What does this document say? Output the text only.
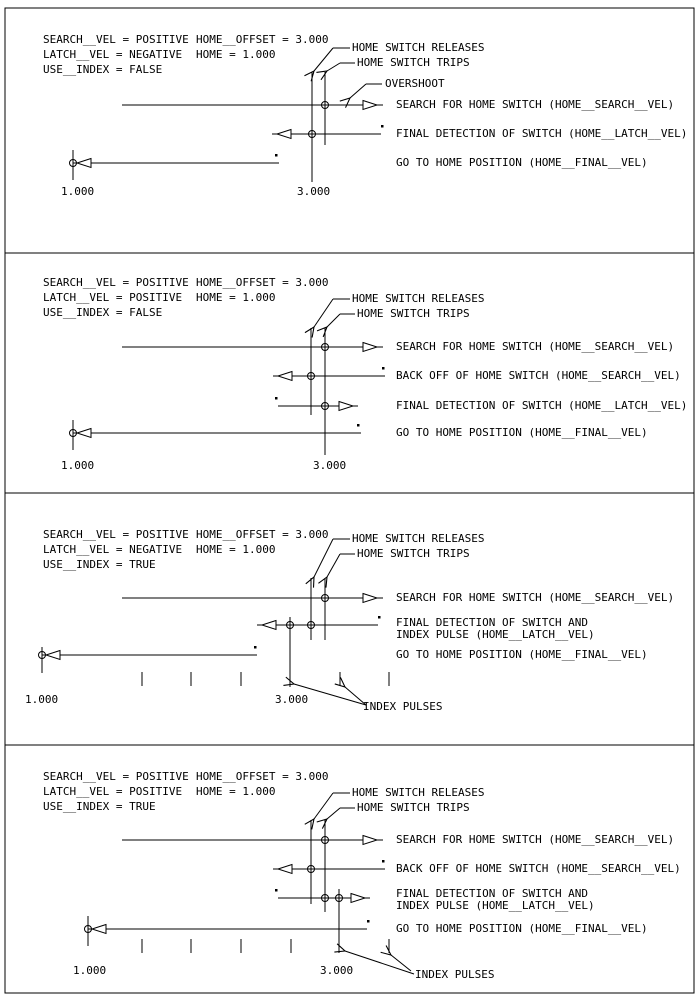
SEARCH__VEL = POSITIVE
LATCH__VEL = NEGATIVE
USE__INDEX = FALSE
HOME__OFFSET = 3.000
HOME = 1.000
HOME SWITCH RELEASES
HOME SWITCH TRIPS
OVERSHOOT
SEARCH FOR HOME SWITCH (HOME__SEARCH__VEL)
FINAL DETECTION OF SWITCH (HOME__LATCH__VEL)
GO TO HOME POSITION (HOME__FINAL__VEL)
1.000	3.000
SEARCH__VEL = POSITIVE
LATCH__VEL = POSITIVE
USE__INDEX = FALSE
HOME__OFFSET = 3.000
HOME = 1.000	HOME SWITCH RELEASES
HOME SWITCH TRIPS
SEARCH FOR HOME SWITCH (HOME__SEARCH__VEL)
BACK OFF OF HOME SWITCH (HOME__SEARCH__VEL)
FINAL DETECTION OF SWITCH (HOME__LATCH__VEL)
GO TO HOME POSITION (HOME__FINAL__VEL)
1.000	3.000
SEARCH__VEL = POSITIVE
LATCH__VEL = NEGATIVE
USE__INDEX = TRUE
HOME__OFFSET = 3.000
HOME = 1.000
HOME SWITCH RELEASES
HOME SWITCH TRIPS
SEARCH FOR HOME SWITCH (HOME__SEARCH__VEL)
FINAL DETECTION OF SWITCH AND
INDEX PULSE (HOME__LATCH__VEL)
GO TO HOME POSITION (HOME__FINAL__VEL)
INDEX PULSES
1.000	3.000
SEARCH__VEL = POSITIVE
LATCH__VEL = POSITIVE
USE__INDEX = TRUE
HOME__OFFSET = 3.000
HOME = 1.000	HOME SWITCH RELEASES
HOME SWITCH TRIPS
SEARCH FOR HOME SWITCH (HOME__SEARCH__VEL)
BACK OFF OF HOME SWITCH (HOME__SEARCH__VEL)
FINAL DETECTION OF SWITCH AND
INDEX PULSE (HOME__LATCH__VEL)
GO TO HOME POSITION (HOME__FINAL__VEL)
INDEX PULSES
1.000	3.000
